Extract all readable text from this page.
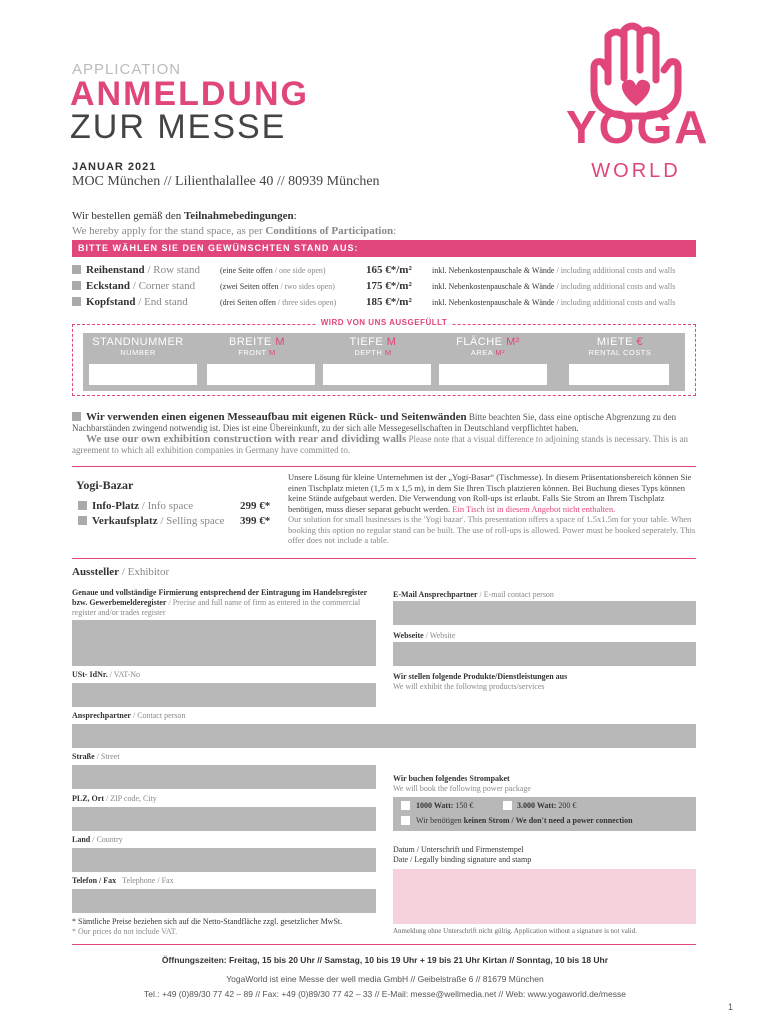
APPLICATION
ANMELDUNG
ZUR MESSE
JANUAR 2021
MOC München // Lilienthalallee 40 // 80939 München
YOGA
WORLD
Wir bestellen gemäß den Teilnahmebedingungen:
We hereby apply for the stand space, as per Conditions of Participation:
BITTE WÄHLEN SIE DEN GEWÜNSCHTEN STAND AUS:
Reihenstand / Row stand	(eine Seite offen / one side open)	165 €*/m²	inkl. Nebenkostenpauschale & Wände / including additional costs and walls
Eckstand / Corner stand	(zwei Seiten offen / two sides open)	175 €*/m²	inkl. Nebenkostenpauschale & Wände / including additional costs and walls
Kopfstand / End stand	(drei Seiten offen / three sides open)	185 €*/m²	inkl. Nebenkostenpauschale & Wände / including additional costs and walls
WIRD VON UNS AUSGEFÜLLT
STANDNUMMER
NUMBER
BREITE M
FRONT M
TIEFE M
DEPTH M
FLÄCHE M²
AREA M²
MIETE €
RENTAL COSTS
Wir verwenden einen eigenen Messeaufbau mit eigenen Rück- und Seitenwänden Bitte beachten Sie, dass eine optische Abgrenzung zu den Nachbarständen zwingend notwendig ist. Dies ist eine Übereinkunft, zu der sich alle Messegesellschaften in Deutschland verpflichtet haben.
We use our own exhibition construction with rear and dividing walls Please note that a visual difference to adjoining stands is necessary. This is an agreement to which all exhibition companies in Germany have committed to.
Yogi-Bazar
Info-Platz / Info space	299 €*
Verkaufsplatz / Selling space 399 €*
Unsere Lösung für kleine Unternehmen ist der „Yogi-Basar“ (Tischmesse). In diesem Präsentationsbereich können Sie einen Tischplatz mieten (1,5 m x 1,5 m), in dem Sie Ihren Tisch platzieren können. Bei Buchung dieses Typs können keine Stände aufgebaut werden. Die Verwendung von Roll-ups ist erlaubt. Falls Sie Strom an Ihrem Tischplatz benötigen, muss dieser separat gebucht werden. Ein Tisch ist in diesem Angebot nicht enthalten.
Our solution for small businesses is the 'Yogi bazar'. This presentation offers a space of 1.5x1.5m for your table. When booking this option no regular stand can be built. The use of roll-ups is allowed. Power must be booked seperately. This offer does not include a table.
Aussteller / Exhibitor
Genaue und vollständige Firmierung entsprechend der Eintragung im Handelsregister bzw. Gewerbemelderegister / Precise and full name of firm as entered in the commercial register and/or trades register
USt- IdNr. / VAT-No
Ansprechpartner / Contact person
Straße / Street
PLZ, Ort / ZIP code, City
Land / Country
Telefon / Fax Telephone / Fax
* Sämtliche Preise beziehen sich auf die Netto-Standfläche zzgl. gesetzlicher MwSt.
* Our prices do not include VAT.
E-Mail Ansprechpartner / E-mail contact person
Webseite / Website
Wir stellen folgende Produkte/Dienstleistungen aus
We will exhibit the following products/services
Wir buchen folgendes Strompaket
We will book the following power package
1000 Watt: 150 €	3.000 Watt: 200 €
Wir benötigen keinen Strom / We don't need a power connection
Datum / Unterschrift und Firmenstempel
Date / Legally binding signature and stamp
Anmeldung ohne Unterschrift nicht gültig. Application without a signature is not valid.
Öffnungszeiten: Freitag, 15 bis 20 Uhr // Samstag, 10 bis 19 Uhr + 19 bis 21 Uhr Kirtan // Sonntag, 10 bis 18 Uhr
YogaWorld ist eine Messe der well media GmbH // Geibelstraße 6 // 81679 München
Tel.: +49 (0)89/30 77 42 – 89 // Fax: +49 (0)89/30 77 42 – 33 // E-Mail: messe@wellmedia.net // Web: www.yogaworld.de/messe
1
